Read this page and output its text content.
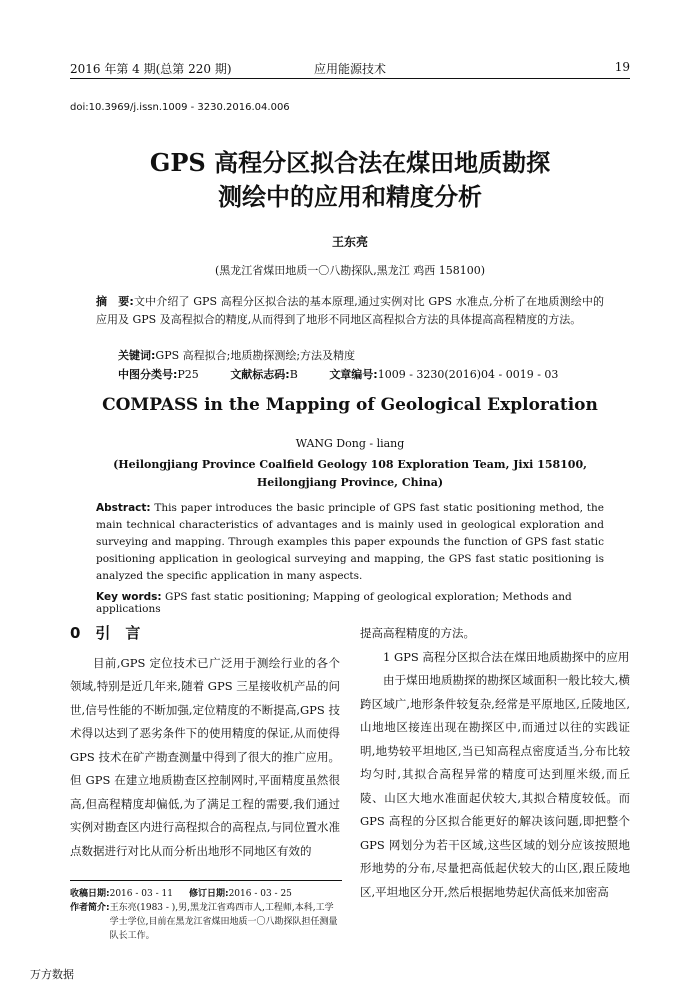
2016 年第 4 期(总第 220 期)	应用能源技术	19
doi:10.3969/j.issn.1009 - 3230.2016.04.006
GPS 高程分区拟合法在煤田地质勘探
测绘中的应用和精度分析
王东亮
(黑龙江省煤田地质一〇八勘探队,黑龙江 鸡西 158100)
摘　要:文中介绍了 GPS 高程分区拟合法的基本原理,通过实例对比 GPS 水准点,分析了在地质测绘中的应用及 GPS 及高程拟合的精度,从而得到了地形不同地区高程拟合方法的具体提高高程精度的方法。
关键词:GPS 高程拟合;地质勘探测绘;方法及精度
中图分类号:P25	文献标志码:B	文章编号:1009 - 3230(2016)04 - 0019 - 03
COMPASS in the Mapping of Geological Exploration
WANG Dong - liang
(Heilongjiang Province Coalfield Geology 108 Exploration Team, Jixi 158100, Heilongjiang Province, China)
Abstract: This paper introduces the basic principle of GPS fast static positioning method, the main technical characteristics of advantages and is mainly used in geological exploration and surveying and mapping. Through examples this paper expounds the function of GPS fast static positioning application in geological surveying and mapping, the GPS fast static positioning is analyzed the specific application in many aspects.
Key words: GPS fast static positioning; Mapping of geological exploration; Methods and applications
0　引　言

目前,GPS 定位技术已广泛用于测绘行业的各个领域,特别是近几年来,随着 GPS 三星接收机产品的问世,信号性能的不断加强,定位精度的不断提高,GPS 技术得以达到了恶劣条件下的使用精度的保证,从而使得 GPS 技术在矿产勘查测量中得到了很大的推广应用。但 GPS 在建立地质勘查区控制网时,平面精度虽然很高,但高程精度却偏低,为了满足工程的需要,我们通过实例对勘查区内进行高程拟合的高程点,与同位置水准点数据进行对比从而分析出地形不同地区有效的

提高高程精度的方法。

1 GPS 高程分区拟合法在煤田地质勘探中的应用

由于煤田地质勘探的勘探区域面积一般比较大,横跨区域广,地形条件较复杂,经常是平原地区,丘陵地区,山地地区接连出现在勘探区中,而通过以往的实践证明,地势较平坦地区,当已知高程点密度适当,分布比较均匀时,其拟合高程异常的精度可达到厘米级,而丘陵、山区大地水准面起伏较大,其拟合精度较低。而 GPS 高程的分区拟合能更好的解决该问题,即把整个 GPS 网划分为若干区域,这些区域的划分应该按照地形地势的分布,尽量把高低起伏较大的山区,跟丘陵地区,平坦地区分开,然后根据地势起伏高低来加密高

收稿日期: 2016 - 03 - 11 修订日期: 2016 - 03 - 25
作者简介: 王东亮(1983 - ),男,黑龙江省鸡西市人,工程师,本科,工学学士学位,目前在黑龙江省煤田地质一〇八勘探队担任测量队长工作。
万方数据
